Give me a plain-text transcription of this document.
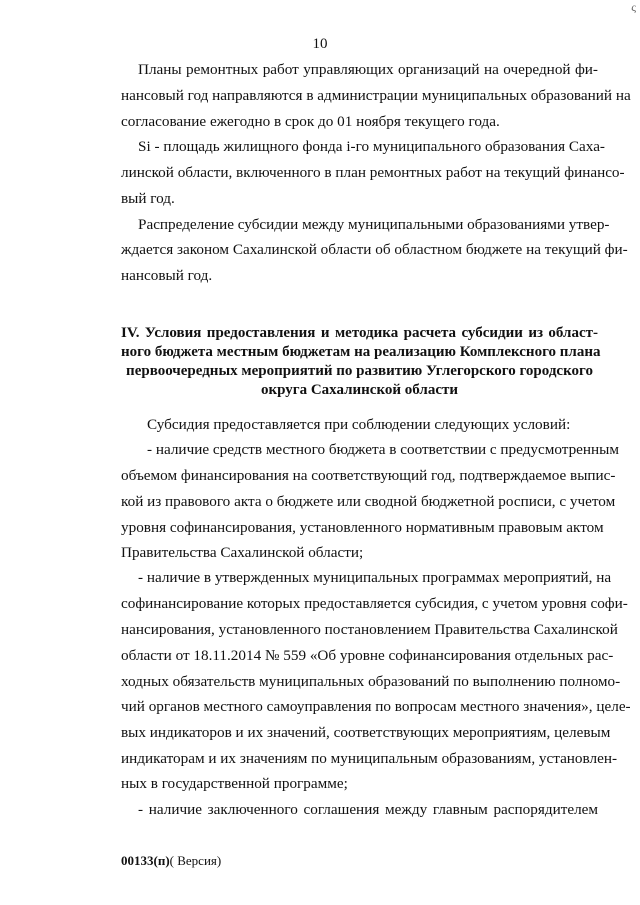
ς
10
Планы ремонтных работ управляющих организаций на очередной фи-
нансовый год направляются в администрации муниципальных образований на
согласование ежегодно в срок до 01 ноября текущего года.
Si - площадь жилищного фонда i-го муниципального образования Саха-
линской области, включенного в план ремонтных работ на текущий финансо-
вый год.
Распределение субсидии между муниципальными образованиями утвер-
ждается законом Сахалинской области об областном бюджете на текущий фи-
нансовый год.
IV. Условия предоставления и методика расчета субсидии из област-
ного бюджета местным бюджетам на реализацию Комплексного плана
первоочередных мероприятий по развитию Углегорского городского
округа Сахалинской области
Субсидия предоставляется при соблюдении следующих условий:
- наличие средств местного бюджета в соответствии с предусмотренным
объемом финансирования на соответствующий год, подтверждаемое выпис-
кой из правового акта о бюджете или сводной бюджетной росписи, с учетом
уровня софинансирования, установленного нормативным правовым актом
Правительства Сахалинской области;
- наличие в утвержденных муниципальных программах мероприятий, на
софинансирование которых предоставляется субсидия, с учетом уровня софи-
нансирования, установленного постановлением Правительства Сахалинской
области от 18.11.2014 № 559 «Об уровне софинансирования отдельных рас-
ходных обязательств муниципальных образований по выполнению полномо-
чий органов местного самоуправления по вопросам местного значения», целе-
вых индикаторов и их значений, соответствующих мероприятиям, целевым
индикаторам и их значениям по муниципальным образованиям, установлен-
ных в государственной программе;
- наличие заключенного соглашения между главным распорядителем
00133(п)( Версия)
